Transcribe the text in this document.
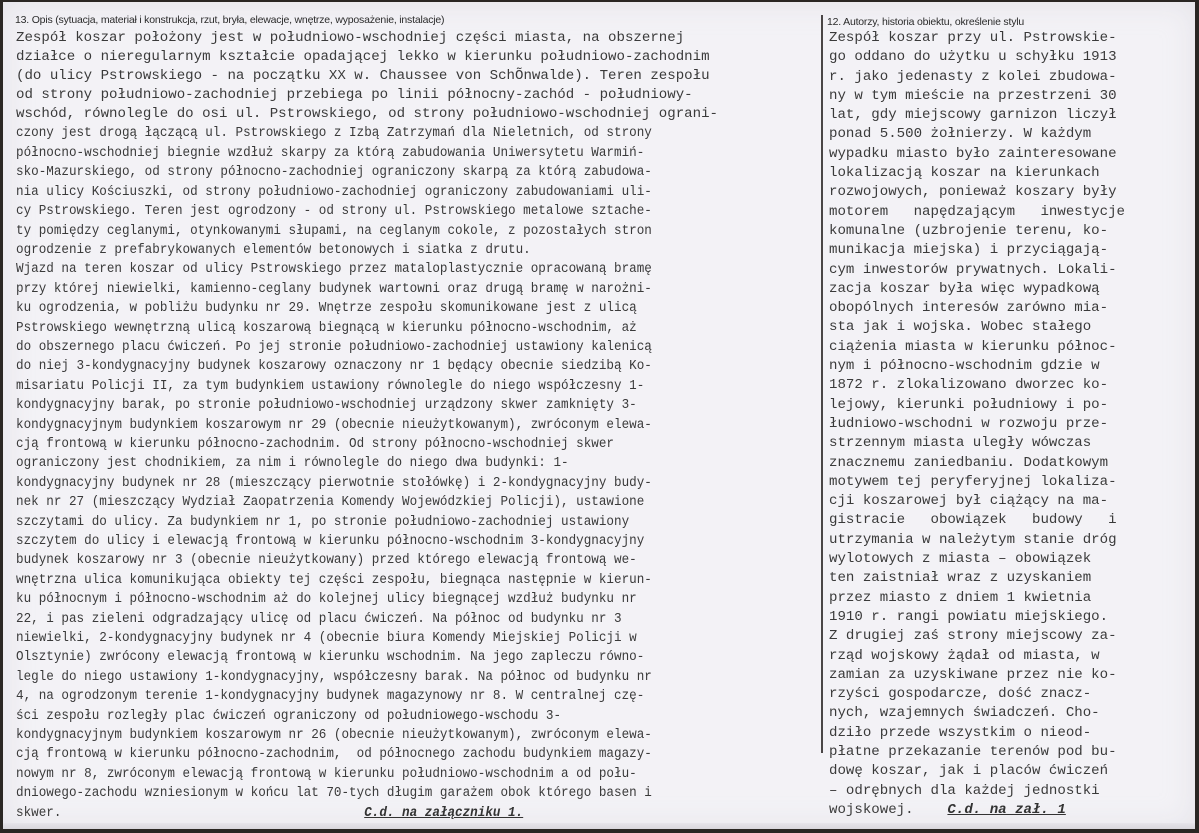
13. Opis (sytuacja, materiał i konstrukcja, rzut, bryła, elewacje, wnętrze, wyposażenie, instalacje)
Zespół koszar położony jest w południowo-wschodniej części miasta, na obszernej
działce o nieregularnym kształcie opadającej lekko w kierunku południowo-zachodnim
(do ulicy Pstrowskiego - na początku XX w. Chaussee von SchÕnwalde). Teren zespołu
od strony południowo-zachodniej przebiega po linii północny-zachód - południowy-
wschód, równolegle do osi ul. Pstrowskiego, od strony południowo-wschodniej ograni-
czony jest drogą łączącą ul. Pstrowskiego z Izbą Zatrzymań dla Nieletnich, od strony
północno-wschodniej biegnie wzdłuż skarpy za którą zabudowania Uniwersytetu Warmiń-
sko-Mazurskiego, od strony północno-zachodniej ograniczony skarpą za którą zabudowa-
nia ulicy Kościuszki, od strony południowo-zachodniej ograniczony zabudowaniami uli-
cy Pstrowskiego. Teren jest ogrodzony - od strony ul. Pstrowskiego metalowe sztache-
ty pomiędzy ceglanymi, otynkowanymi słupami, na ceglanym cokole, z pozostałych stron
ogrodzenie z prefabrykowanych elementów betonowych i siatka z drutu.
Wjazd na teren koszar od ulicy Pstrowskiego przez mataloplastycznie opracowaną bramę
przy której niewielki, kamienno-ceglany budynek wartowni oraz drugą bramę w narożni-
ku ogrodzenia, w pobliżu budynku nr 29. Wnętrze zespołu skomunikowane jest z ulicą
Pstrowskiego wewnętrzną ulicą koszarową biegnącą w kierunku północno-wschodnim, aż
do obszernego placu ćwiczeń. Po jej stronie południowo-zachodniej ustawiony kalenicą
do niej 3-kondygnacyjny budynek koszarowy oznaczony nr 1 będący obecnie siedzibą Ko-
misariatu Policji II, za tym budynkiem ustawiony równolegle do niego współczesny 1-
kondygnacyjny barak, po stronie południowo-wschodniej urządzony skwer zamknięty 3-
kondygnacyjnym budynkiem koszarowym nr 29 (obecnie nieużytkowanym), zwróconym elewa-
cją frontową w kierunku północno-zachodnim. Od strony północno-wschodniej skwer
ograniczony jest chodnikiem, za nim i równolegle do niego dwa budynki: 1-
kondygnacyjny budynek nr 28 (mieszczący pierwotnie stołówkę) i 2-kondygnacyjny budy-
nek nr 27 (mieszczący Wydział Zaopatrzenia Komendy Wojewódzkiej Policji), ustawione
szczytami do ulicy. Za budynkiem nr 1, po stronie południowo-zachodniej ustawiony
szczytem do ulicy i elewacją frontową w kierunku północno-wschodnim 3-kondygnacyjny
budynek koszarowy nr 3 (obecnie nieużytkowany) przed którego elewacją frontową we-
wnętrzna ulica komunikująca obiekty tej części zespołu, biegnąca następnie w kierun-
ku północnym i północno-wschodnim aż do kolejnej ulicy biegnącej wzdłuż budynku nr
22, i pas zieleni odgradzający ulicę od placu ćwiczeń. Na północ od budynku nr 3
niewielki, 2-kondygnacyjny budynek nr 4 (obecnie biura Komendy Miejskiej Policji w
Olsztynie) zwrócony elewacją frontową w kierunku wschodnim. Na jego zapleczu równo-
legle do niego ustawiony 1-kondygnacyjny, współczesny barak. Na północ od budynku nr
4, na ogrodzonym terenie 1-kondygnacyjny budynek magazynowy nr 8. W centralnej czę-
ści zespołu rozległy plac ćwiczeń ograniczony od południowego-wschodu 3-
kondygnacyjnym budynkiem koszarowym nr 26 (obecnie nieużytkowanym), zwróconym elewa-
cją frontową w kierunku północno-zachodnim,  od północnego zachodu budynkiem magazy-
nowym nr 8, zwróconym elewacją frontową w kierunku południowo-wschodnim a od połu-
dniowego-zachodu wzniesionym w końcu lat 70-tych długim garażem obok którego basen i
skwer.	C.d. na załączniku 1.
12. Autorzy, historia obiektu, określenie stylu
Zespół koszar przy ul. Pstrowskie-
go oddano do użytku u schyłku 1913
r. jako jedenasty z kolei zbudowa-
ny w tym mieście na przestrzeni 30
lat, gdy miejscowy garnizon liczył
ponad 5.500 żołnierzy. W każdym
wypadku miasto było zainteresowane
lokalizacją koszar na kierunkach
rozwojowych, ponieważ koszary były
motorem   napędzającym   inwestycje
komunalne (uzbrojenie terenu, ko-
munikacja miejska) i przyciągają-
cym inwestorów prywatnych. Lokali-
zacja koszar była więc wypadkową
obopólnych interesów zarówno mia-
sta jak i wojska. Wobec stałego
ciążenia miasta w kierunku północ-
nym i północno-wschodnim gdzie w
1872 r. zlokalizowano dworzec ko-
lejowy, kierunki południowy i po-
łudniowo-wschodni w rozwoju prze-
strzennym miasta uległy wówczas
znacznemu zaniedbaniu. Dodatkowym
motywem tej peryferyjnej lokaliza-
cji koszarowej był ciążący na ma-
gistracie   obowiązek   budowy   i
utrzymania w należytym stanie dróg
wylotowych z miasta – obowiązek
ten zaistniał wraz z uzyskaniem
przez miasto z dniem 1 kwietnia
1910 r. rangi powiatu miejskiego.
Z drugiej zaś strony miejscowy za-
rząd wojskowy żądał od miasta, w
zamian za uzyskiwane przez nie ko-
rzyści gospodarcze, dość znacz-
nych, wzajemnych świadczeń. Cho-
dziło przede wszystkim o nieod-
płatne przekazanie terenów pod bu-
dowę koszar, jak i placów ćwiczeń
– odrębnych dla każdej jednostki
wojskowej. C.d. na zał. 1
